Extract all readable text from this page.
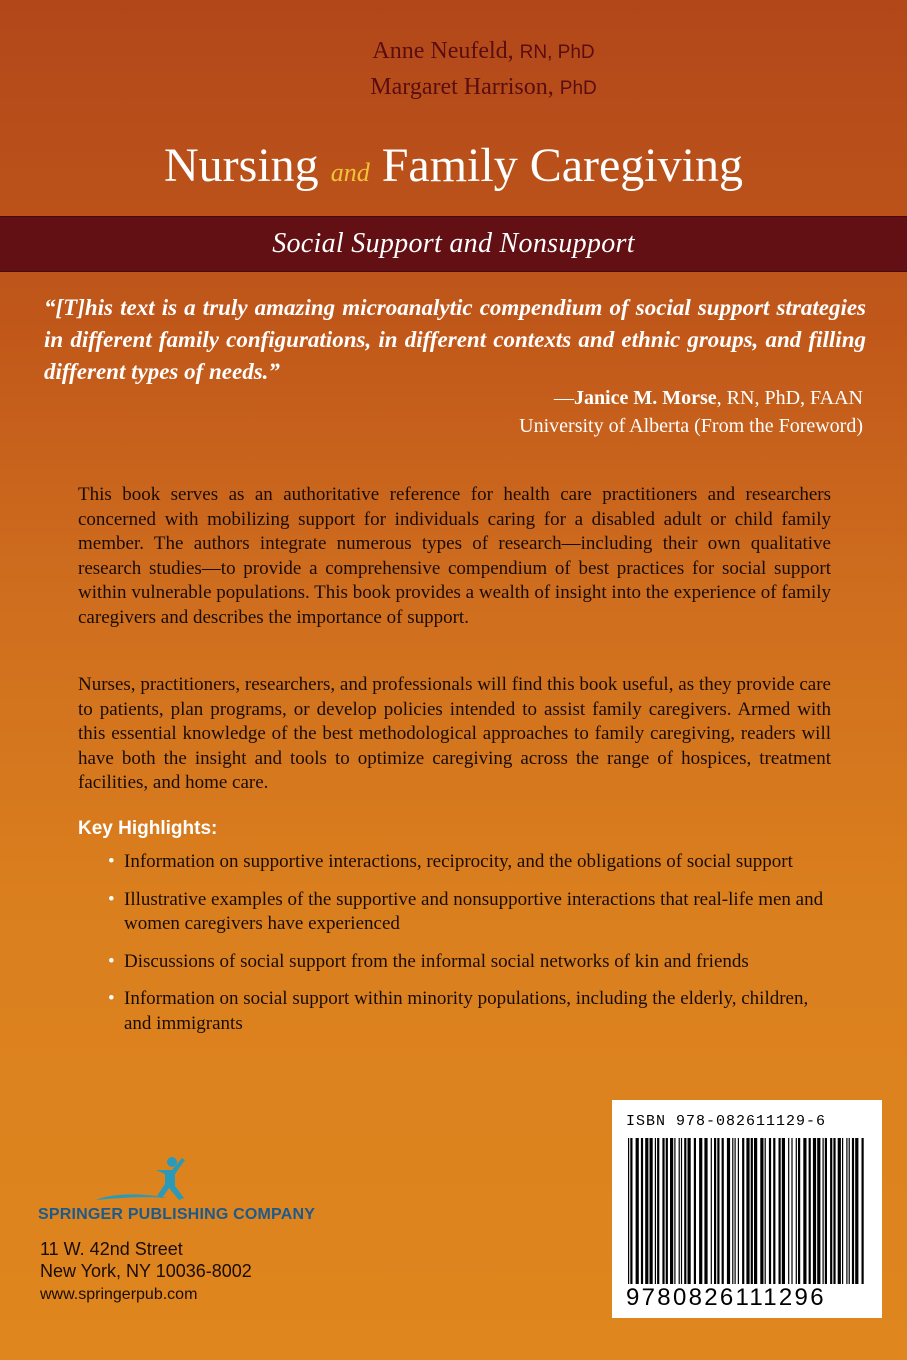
Anne Neufeld, RN, PhD
Margaret Harrison, PhD
Nursing and Family Caregiving
Social Support and Nonsupport

“[T]his text is a truly amazing microanalytic compendium of social support strategies in different family configurations, in different contexts and ethnic groups, and filling different types of needs.”

—Janice M. Morse, RN, PhD, FAAN
University of Alberta (From the Foreword)

This book serves as an authoritative reference for health care practitioners and researchers concerned with mobilizing support for individuals caring for a disabled adult or child family member. The authors integrate numerous types of research—including their own qualitative research studies—to provide a comprehensive compendium of best practices for social support within vulnerable populations. This book provides a wealth of insight into the experience of family caregivers and describes the importance of support.

Nurses, practitioners, researchers, and professionals will find this book useful, as they provide care to patients, plan programs, or develop policies intended to assist family caregivers. Armed with this essential knowledge of the best methodological approaches to family caregiving, readers will have both the insight and tools to optimize caregiving across the range of hospices, treatment facilities, and home care.

Key Highlights:
• Information on supportive interactions, reciprocity, and the obligations of social support
• Illustrative examples of the supportive and nonsupportive interactions that real-life men and women caregivers have experienced
• Discussions of social support from the informal social networks of kin and friends
• Information on social support within minority populations, including the elderly, children, and immigrants
SPRINGER PUBLISHING COMPANY
11 W. 42nd Street
New York, NY 10036-8002
www.springerpub.com
ISBN 978-082611129-6
9780826111296
